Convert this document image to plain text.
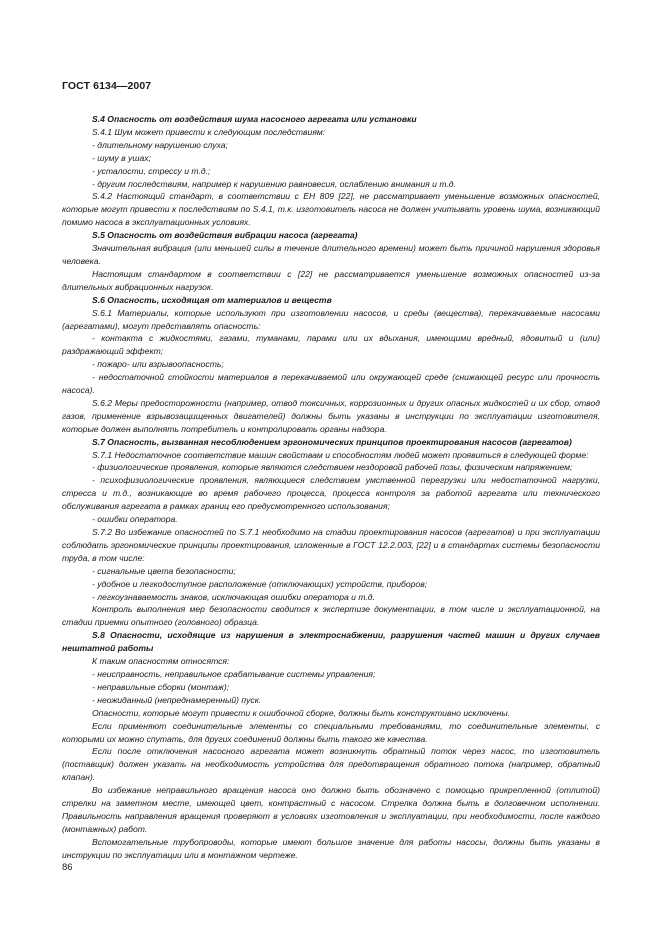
ГОСТ 6134—2007

S.4 Опасность от воздействия шума насосного агрегата или установки

S.4.1 Шум может привести к следующим последствиям:

- длительному нарушению слуха;

- шуму в ушах;

- усталости, стрессу и т.д.;

- другим последствиям, например к нарушению равновесия, ослаблению внимания и т.д.

S.4.2 Настоящий стандарт, в соответствии с ЕН 809 [22], не рассматривает уменьшение возможных опасностей, которые могут привести к последствиям по S.4.1, т.к. изготовитель насоса не должен учитывать уровень шума, возникающий помимо насоса в эксплуатационных условиях.

S.5 Опасность от воздействия вибрации насоса (агрегата)

Значительная вибрация (или меньшей силы в течение длительного времени) может быть причиной нарушения здоровья человека.

Настоящим стандартом в соответствии с [22] не рассматривается уменьшение возможных опасностей из-за длительных вибрационных нагрузок.

S.6 Опасность, исходящая от материалов и веществ

S.6.1 Материалы, которые используют при изготовлении насосов, и среды (вещества), перекачиваемые насосами (агрегатами), могут представлять опасность:

- контакта с жидкостями, газами, туманами, парами или их вдыхания, имеющими вредный, ядовитый и (или) раздражающий эффект;

- пожаро- или взрывоопасность;

- недостаточной стойкости материалов в перекачиваемой или окружающей среде (снижающей ресурс или прочность насоса).

S.6.2 Меры предосторожности (например, отвод токсичных, коррозионных и других опасных жидкостей и их сбор, отвод газов, применение взрывозащищенных двигателей) должны быть указаны в инструкции по эксплуатации изготовителя, которые должен выполнять потребитель и контролировать органы надзора.

S.7 Опасность, вызванная несоблюдением эргономических принципов проектирования насосов (агрегатов)

S.7.1 Недостаточное соответствие машин свойствам и способностям людей может проявиться в следующей форме:

- физиологические проявления, которые являются следствием нездоровой рабочей позы, физическим напряжением;

- психофизиологические проявления, являющиеся следствием умственной перегрузки или недостаточной нагрузки, стресса и т.д., возникающие во время рабочего процесса, процесса контроля за работой агрегата или технического обслуживания агрегата в рамках границ его предусмотренного использования;

- ошибки оператора.

S.7.2 Во избежание опасностей по S.7.1 необходимо на стадии проектирования насосов (агрегатов) и при эксплуатации соблюдать эргономические принципы проектирования, изложенные в ГОСТ 12.2.003, [22] и в стандартах системы безопасности труда, в том числе:

- сигнальные цвета безопасности;

- удобное и легкодоступное расположение (отключающих) устройств, приборов;

- легкоузнаваемость знаков, исключающая ошибки оператора и т.д.

Контроль выполнения мер безопасности сводится к экспертизе документации, в том числе и эксплуатационной, на стадии приемки опытного (головного) образца.

S.8 Опасности, исходящие из нарушения в электроснабжении, разрушения частей машин и других случаев нештатной работы

К таким опасностям относятся:

- неисправность, неправильное срабатывание системы управления;

- неправильные сборки (монтаж);

- неожиданный (непреднамеренный) пуск.

Опасности, которые могут привести к ошибочной сборке, должны быть конструктивно исключены.

Если применяют соединительные элементы со специальными требованиями, то соединительные элементы, с которыми их можно спутать, для других соединений должны быть такого же качества.

Если после отключения насосного агрегата может возникнуть обратный поток через насос, то изготовитель (поставщик) должен указать на необходимость устройства для предотвращения обратного потока (например, обратный клапан).

Во избежание неправильного вращения насоса оно должно быть обозначено с помощью прикрепленной (отлитой) стрелки на заметном месте, имеющей цвет, контрастный с насосом. Стрелка должна быть в долговечном исполнении. Правильность направления вращения проверяют в условиях изготовления и эксплуатации, при необходимости, после каждого (монтажных) работ.

Вспомогательные трубопроводы, которые имеют большое значение для работы насосы, должны быть указаны в инструкции по эксплуатации или в монтажном чертеже.

86
